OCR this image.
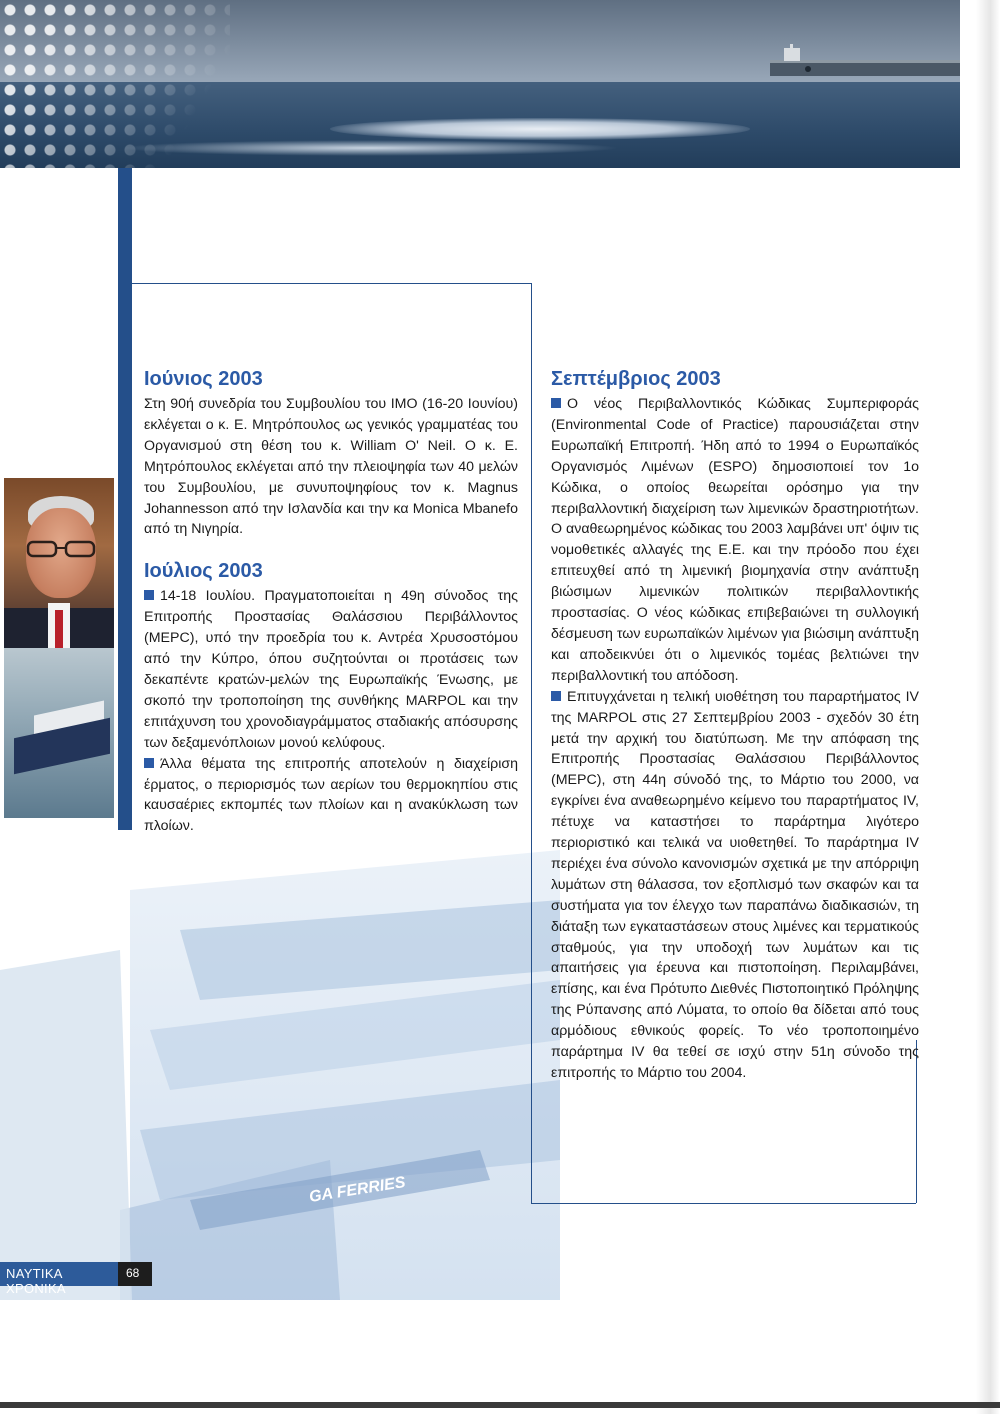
GA FERRIES
Ιούνιος 2003

Στη 90ή συνεδρία του Συμβουλίου του ΙΜΟ (16-20 Ιουνίου) εκλέγεται ο κ. Ε. Μητρόπουλος ως γενικός γραμματέας του Οργανισμού στη θέση του κ. William O' Neil. Ο κ. Ε. Μητρόπουλος εκλέγεται από την πλειοψηφία των 40 μελών του Συμβουλίου, με συνυποψηφίους τον κ. Magnus Johannesson από την Ισλανδία και την κα Monica Mbanefo από τη Νιγηρία.

Ιούλιος 2003

14-18 Ιουλίου. Πραγματοποιείται η 49η σύνοδος της Επιτροπής Προστασίας Θαλάσσιου Περιβάλλοντος (MEPC), υπό την προεδρία του κ. Αντρέα Χρυσοστόμου από την Κύπρο, όπου συζητούνται οι προτάσεις των δεκαπέντε κρατών-μελών της Ευρωπαϊκής Ένωσης, με σκοπό την τροποποίηση της συνθήκης MARPOL και την επιτάχυνση του χρονοδιαγράμματος σταδιακής απόσυρσης των δεξαμενόπλοιων μονού κελύφους.

Άλλα θέματα της επιτροπής αποτελούν η διαχείριση έρματος, ο περιορισμός των αερίων του θερμοκηπίου στις καυσαέριες εκπομπές των πλοίων και η ανακύκλωση των πλοίων.

Σεπτέμβριος 2003

Ο νέος Περιβαλλοντικός Κώδικας Συμπεριφοράς (Environmental Code of Practice) παρουσιάζεται στην Ευρωπαϊκή Επιτροπή. Ήδη από το 1994 ο Ευρωπαϊκός Οργανισμός Λιμένων (ESPO) δημοσιοποιεί τον 1ο Κώδικα, ο οποίος θεωρείται ορόσημο για την περιβαλλοντική διαχείριση των λιμενικών δραστηριοτήτων. Ο αναθεωρημένος κώδικας του 2003 λαμβάνει υπ' όψιν τις νομοθετικές αλλαγές της Ε.Ε. και την πρόοδο που έχει επιτευχθεί από τη λιμενική βιομηχανία στην ανάπτυξη βιώσιμων λιμενικών πολιτικών περιβαλλοντικής προστασίας. Ο νέος κώδικας επιβεβαιώνει τη συλλογική δέσμευση των ευρωπαϊκών λιμένων για βιώσιμη ανάπτυξη και αποδεικνύει ότι ο λιμενικός τομέας βελτιώνει την περιβαλλοντική του απόδοση.

Επιτυγχάνεται η τελική υιοθέτηση του παραρτήματος IV της MARPOL στις 27 Σεπτεμβρίου 2003 - σχεδόν 30 έτη μετά την αρχική του διατύπωση. Με την απόφαση της Επιτροπής Προστασίας Θαλάσσιου Περιβάλλοντος (MEPC), στη 44η σύνοδό της, το Μάρτιο του 2000, να εγκρίνει ένα αναθεωρημένο κείμενο του παραρτήματος IV, πέτυχε να καταστήσει το παράρτημα λιγότερο περιοριστικό και τελικά να υιοθετηθεί. Το παράρτημα IV περιέχει ένα σύνολο κανονισμών σχετικά με την απόρριψη λυμάτων στη θάλασσα, τον εξοπλισμό των σκαφών και τα συστήματα για τον έλεγχο των παραπάνω διαδικασιών, τη διάταξη των εγκαταστάσεων στους λιμένες και τερματικούς σταθμούς, για την υποδοχή των λυμάτων και τις απαιτήσεις για έρευνα και πιστοποίηση. Περιλαμβάνει, επίσης, και ένα Πρότυπο Διεθνές Πιστοποιητικό Πρόληψης της Ρύπανσης από Λύματα, το οποίο θα δίδεται από τους αρμόδιους εθνικούς φορείς. Το νέο τροποποιημένο παράρτημα IV θα τεθεί σε ισχύ στην 51η σύνοδο της επιτροπής το Μάρτιο του 2004.

ΝΑΥΤΙΚΑ ΧΡΟΝΙΚΑ
68
